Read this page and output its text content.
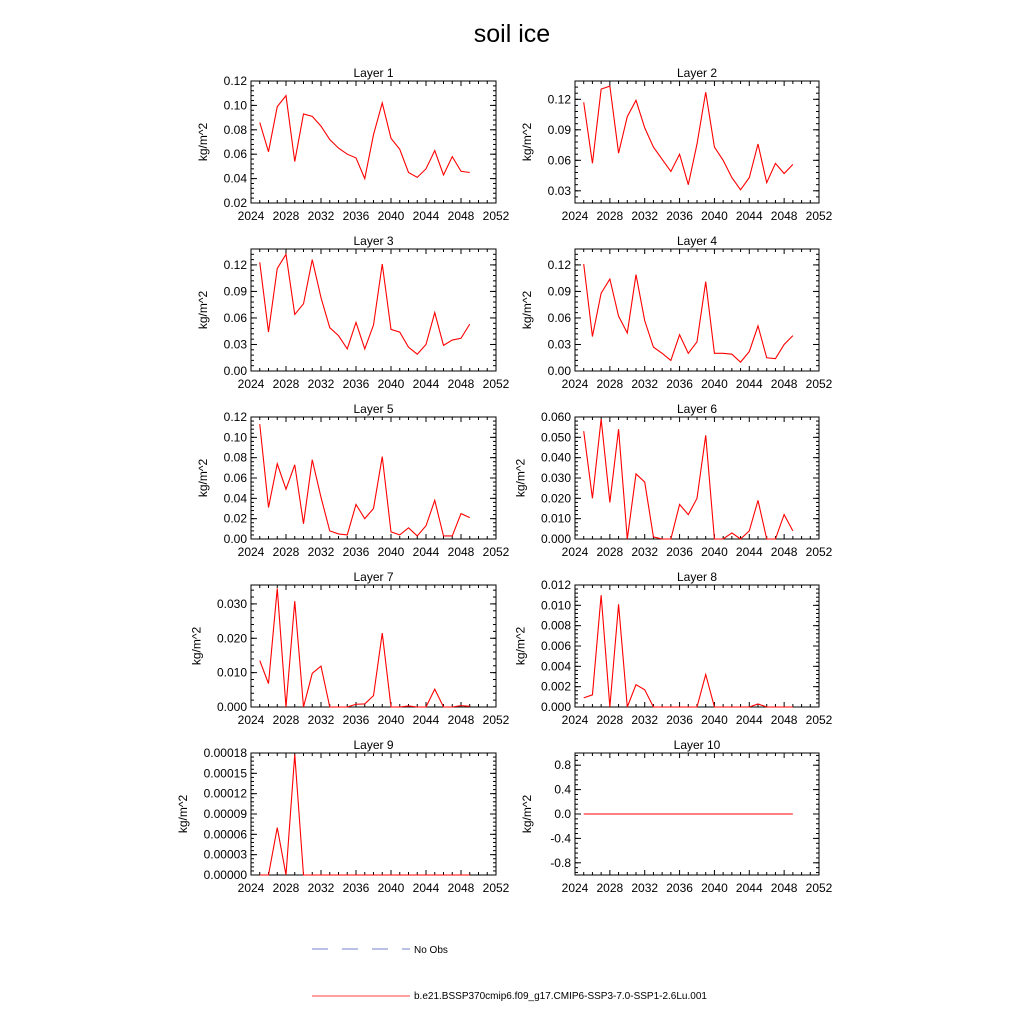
soil ice
Layer 1
2024 2028 2032 2036 2040 2044 2048 2052
0.02
0.04
0.06
0.08
0.10
0.12
kg/m^2
Layer 2
2024 2028 2032 2036 2040 2044 2048 2052
0.03
0.06
0.09
0.12
kg/m^2
Layer 3
2024 2028 2032 2036 2040 2044 2048 2052
0.00
0.03
0.06
0.09
0.12
kg/m^2
Layer 4
2024 2028 2032 2036 2040 2044 2048 2052
0.00
0.03
0.06
0.09
0.12
kg/m^2
Layer 5
2024 2028 2032 2036 2040 2044 2048 2052
0.00
0.02
0.04
0.06
0.08
0.10
0.12
kg/m^2
Layer 6
2024 2028 2032 2036 2040 2044 2048 2052
0.000
0.010
0.020
0.030
0.040
0.050
0.060
kg/m^2
Layer 7
2024 2028 2032 2036 2040 2044 2048 2052
0.000
0.010
0.020
0.030
kg/m^2
Layer 8
2024 2028 2032 2036 2040 2044 2048 2052
0.000
0.002
0.004
0.006
0.008
0.010
0.012
kg/m^2
Layer 9
2024 2028 2032 2036 2040 2044 2048 2052
0.00000
0.00003
0.00006
0.00009
0.00012
0.00015
0.00018
kg/m^2
Layer 10
2024 2028 2032 2036 2040 2044 2048 2052
-0.8
-0.4
0.0
0.4
0.8
kg/m^2
No Obs
b.e21.BSSP370cmip6.f09_g17.CMIP6-SSP3-7.0-SSP1-2.6Lu.001
